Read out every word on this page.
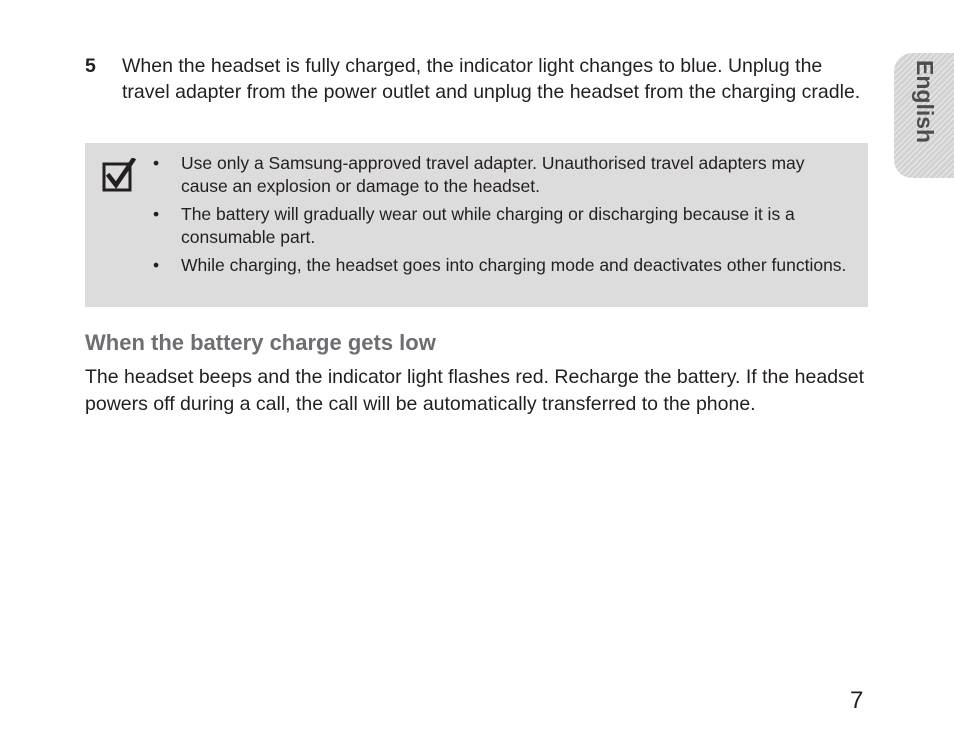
5 When the headset is fully charged, the indicator light changes to blue. Unplug the travel adapter from the power outlet and unplug the headset from the charging cradle.
• Use only a Samsung-approved travel adapter. Unauthorised travel adapters may cause an explosion or damage to the headset.
• The battery will gradually wear out while charging or discharging because it is a consumable part.
• While charging, the headset goes into charging mode and deactivates other functions.
When the battery charge gets low

The headset beeps and the indicator light flashes red. Recharge the battery. If the headset powers off during a call, the call will be automatically transferred to the phone.

English
7
